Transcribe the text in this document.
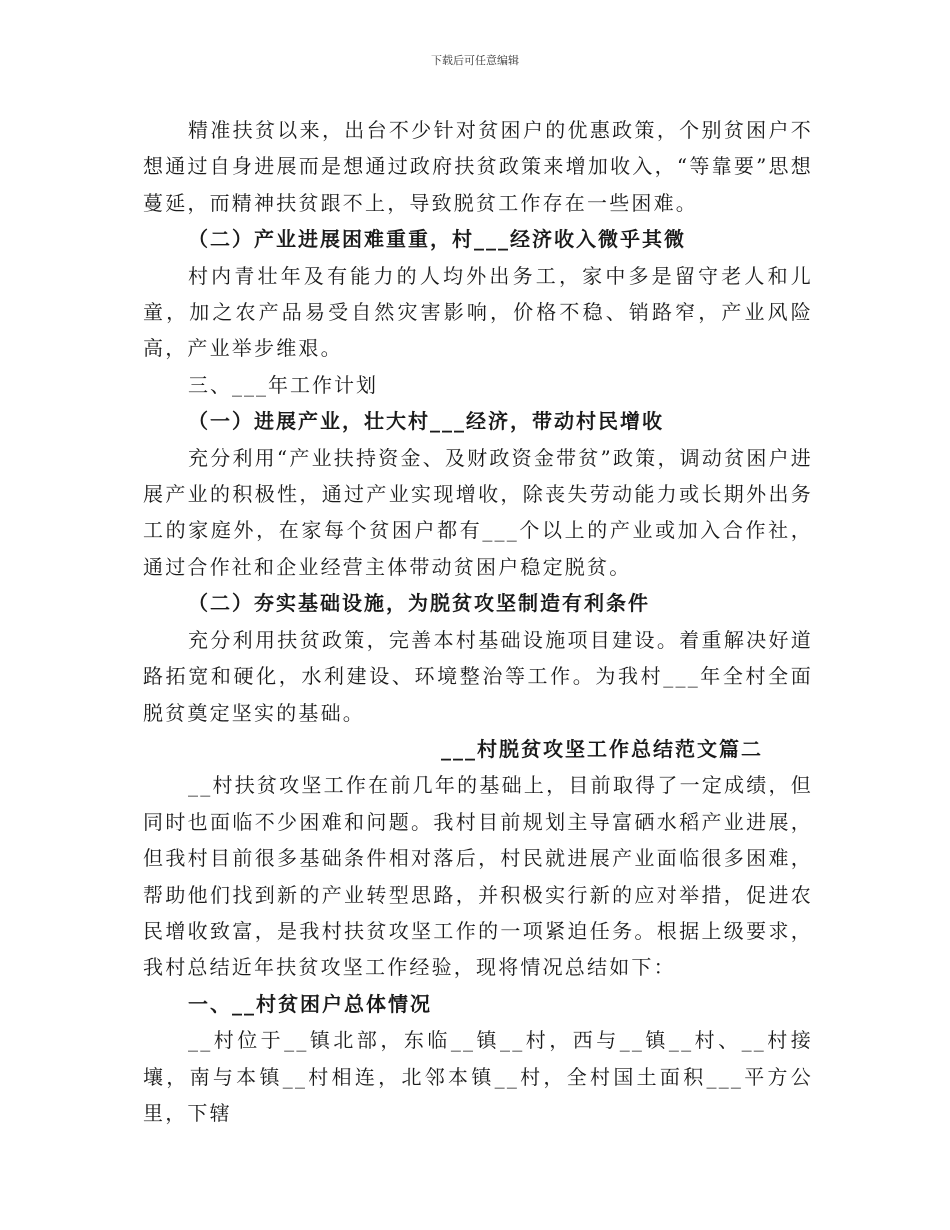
下载后可任意编辑

精准扶贫以来，出台不少针对贫困户的优惠政策，个别贫困户不想通过自身进展而是想通过政府扶贫政策来增加收入，“等靠要”思想蔓延，而精神扶贫跟不上，导致脱贫工作存在一些困难。

（二）产业进展困难重重，村___经济收入微乎其微

村内青壮年及有能力的人均外出务工，家中多是留守老人和儿童，加之农产品易受自然灾害影响，价格不稳、销路窄，产业风险高，产业举步维艰。

三、___年工作计划

（一）进展产业，壮大村___经济，带动村民增收

充分利用“产业扶持资金、及财政资金带贫”政策，调动贫困户进展产业的积极性，通过产业实现增收，除丧失劳动能力或长期外出务工的家庭外，在家每个贫困户都有___个以上的产业或加入合作社，通过合作社和企业经营主体带动贫困户稳定脱贫。

（二）夯实基础设施，为脱贫攻坚制造有利条件

充分利用扶贫政策，完善本村基础设施项目建设。着重解决好道路拓宽和硬化，水利建设、环境整治等工作。为我村___年全村全面脱贫奠定坚实的基础。

___村脱贫攻坚工作总结范文篇二

__村扶贫攻坚工作在前几年的基础上，目前取得了一定成绩，但同时也面临不少困难和问题。我村目前规划主导富硒水稻产业进展，但我村目前很多基础条件相对落后，村民就进展产业面临很多困难，帮助他们找到新的产业转型思路，并积极实行新的应对举措，促进农民增收致富，是我村扶贫攻坚工作的一项紧迫任务。根据上级要求，我村总结近年扶贫攻坚工作经验，现将情况总结如下：

一、__村贫困户总体情况

__村位于__镇北部，东临__镇__村，西与__镇__村、__村接壤，南与本镇__村相连，北邻本镇__村，全村国土面积___平方公里，下辖
